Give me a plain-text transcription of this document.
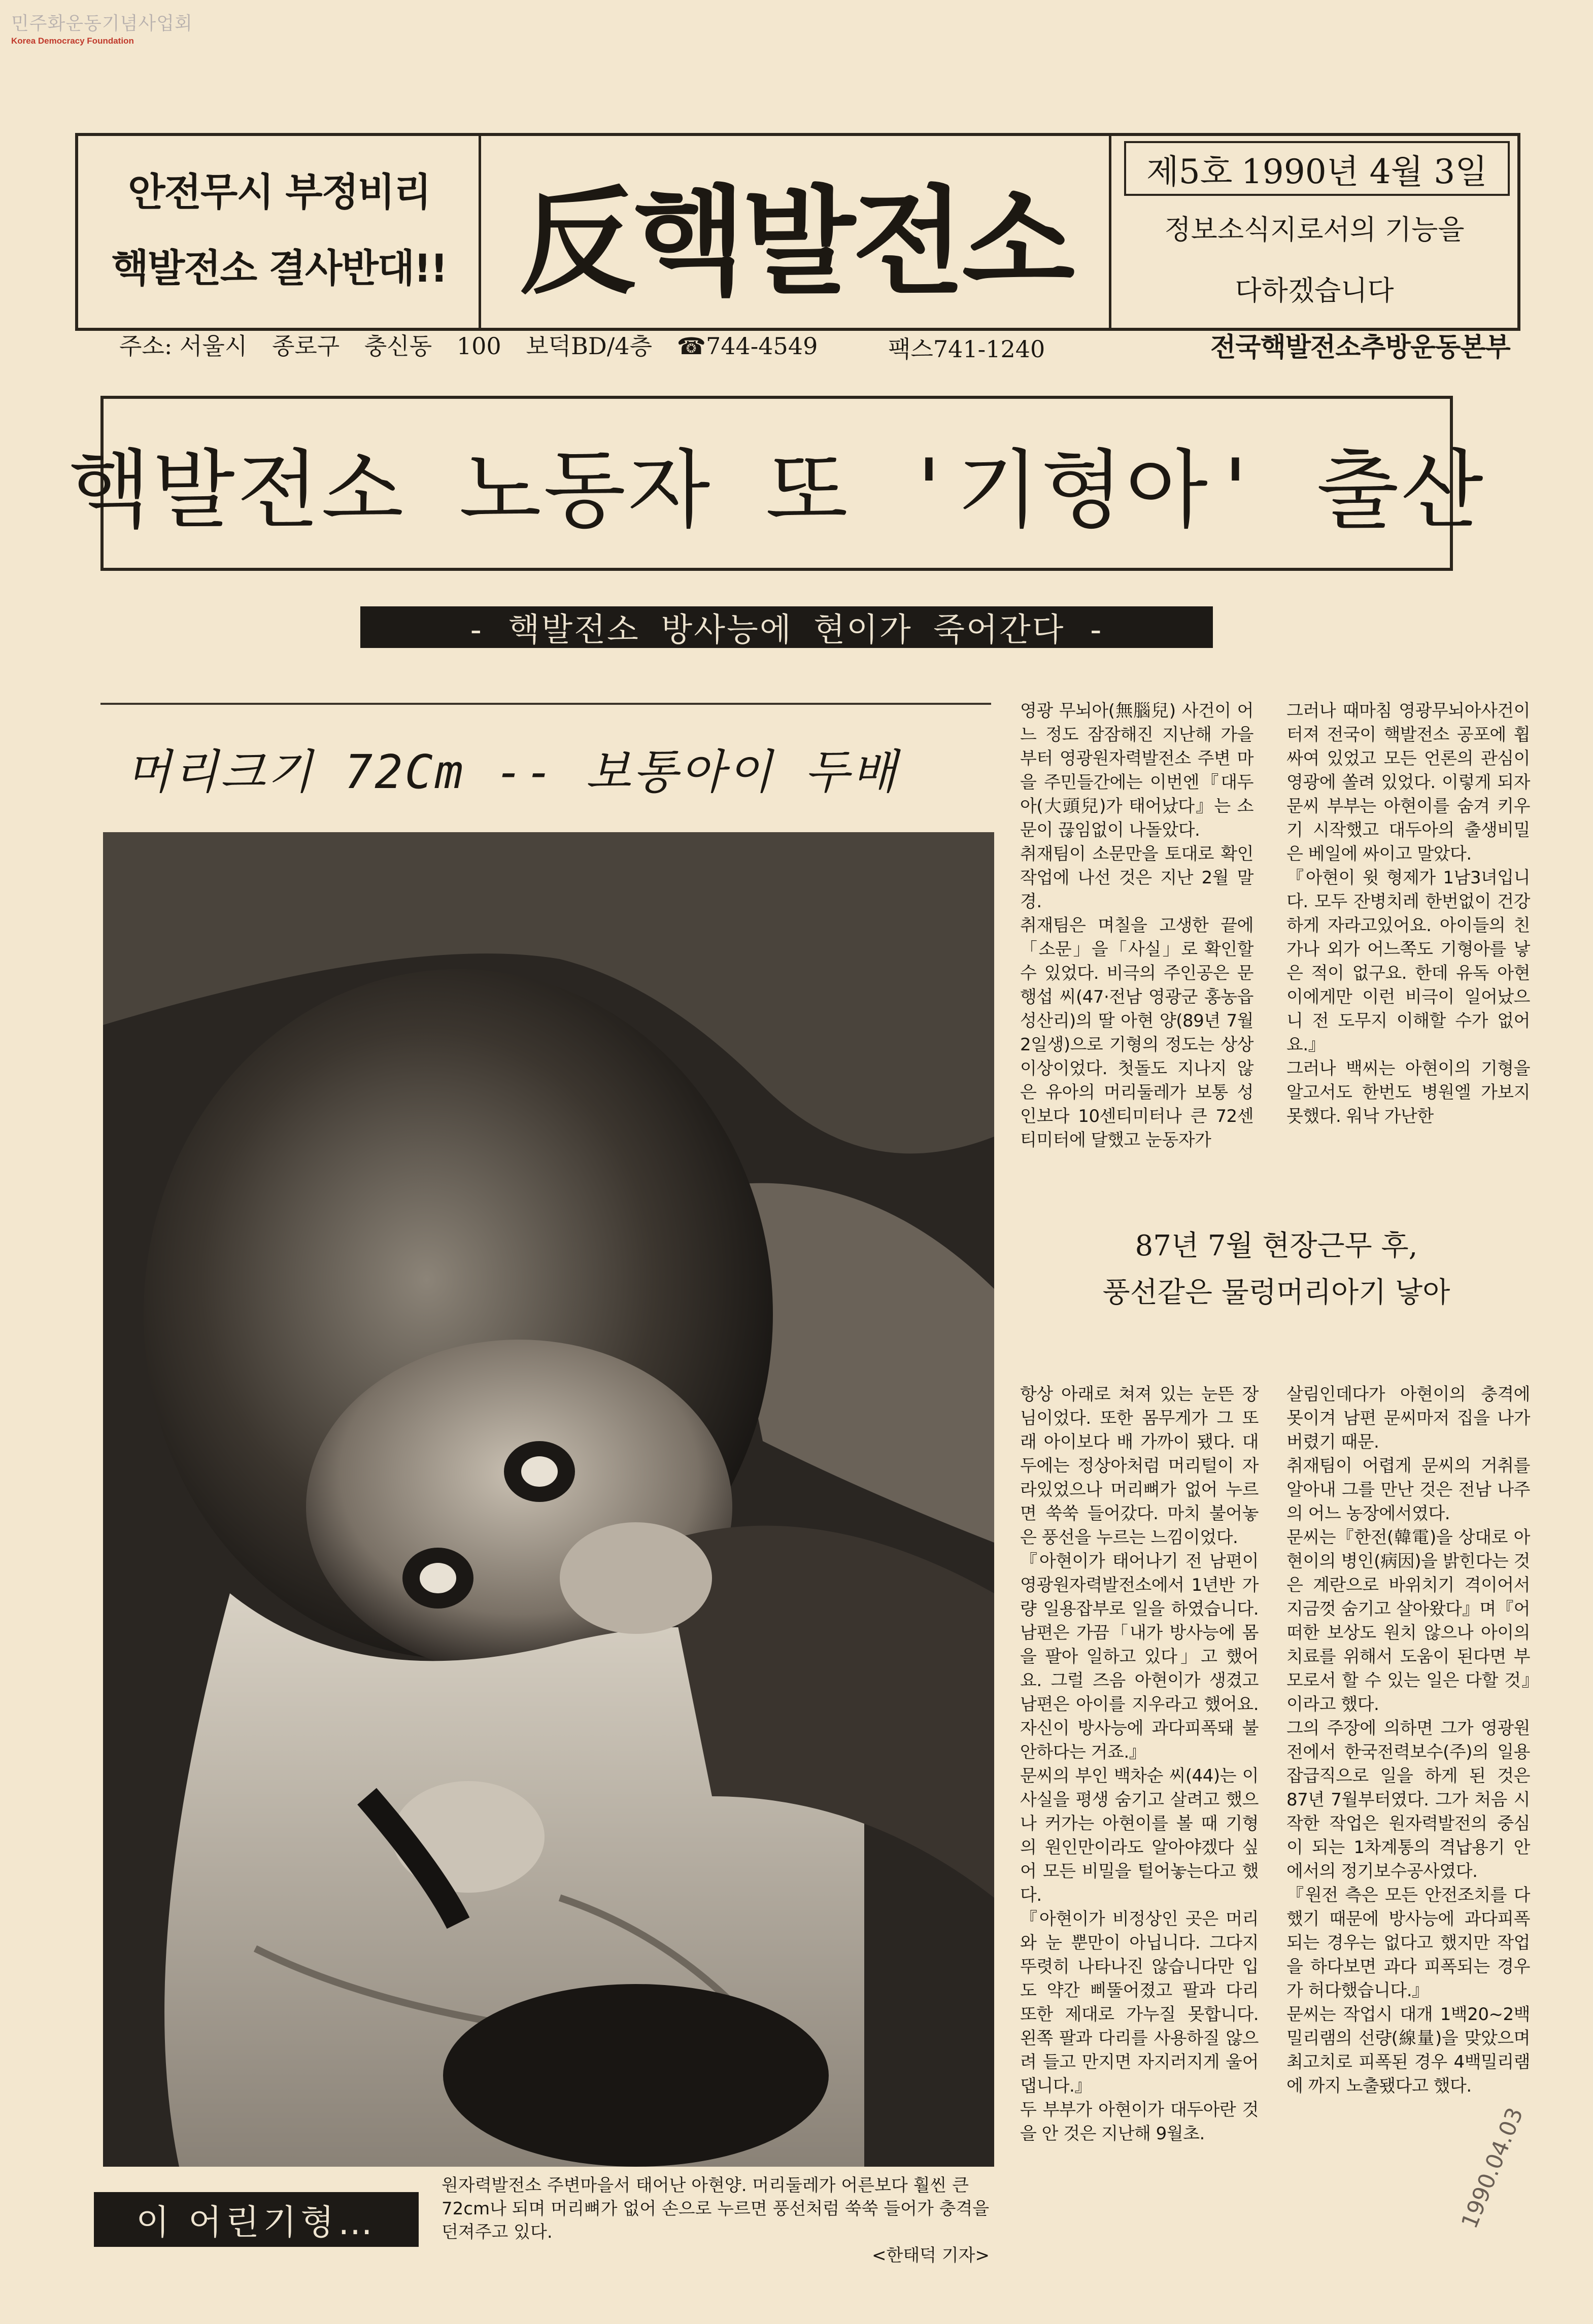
민주화운동기념사업회
Korea Democracy Foundation
안전무시 부정비리
핵발전소 결사반대!! 反핵발전소
제5호 1990년 4월 3일
정보소식지로서의 기능을
다하겠습니다
주소: 서울시 종로구 충신동 100 보덕BD/4층 ☎744-4549	팩스741-1240	전국핵발전소추방운동본부
핵발전소 노동자 또 '기형아' 출산
- 핵발전소 방사능에 현이가 죽어간다 -
머리크기 72Cm -- 보통아이 두배
이 어린기형…
원자력발전소 주변마을서 태어난 아현양. 머리둘레가 어른보다 훨씬 큰 72cm나 되며 머리뼈가 없어 손으로 누르면 풍선처럼 쑥쑥 들어가 충격을 던져주고 있다.
<한태덕 기자>

영광 무뇌아(無腦兒) 사건이 어느 정도 잠잠해진 지난해 가을부터 영광원자력발전소 주변 마을 주민들간에는 이번엔『대두아(大頭兒)가 태어났다』는 소문이 끊임없이 나돌았다.

취재팀이 소문만을 토대로 확인작업에 나선 것은 지난 2월 말경.

취재팀은 며칠을 고생한 끝에「소문」을「사실」로 확인할 수 있었다. 비극의 주인공은 문행섭 씨(47·전남 영광군 홍농읍 성산리)의 딸 아현 양(89년 7월 2일생)으로 기형의 정도는 상상 이상이었다. 첫돌도 지나지 않은 유아의 머리둘레가 보통 성인보다 10센티미터나 큰 72센티미터에 달했고 눈동자가

그러나 때마침 영광무뇌아사건이 터져 전국이 핵발전소 공포에 휩싸여 있었고 모든 언론의 관심이 영광에 쏠려 있었다. 이렇게 되자 문씨 부부는 아현이를 숨겨 키우기 시작했고 대두아의 출생비밀은 베일에 싸이고 말았다.

『아현이 윗 형제가 1남3녀입니다. 모두 잔병치레 한번없이 건강하게 자라고있어요. 아이들의 친가나 외가 어느쪽도 기형아를 낳은 적이 없구요. 한데 유독 아현이에게만 이런 비극이 일어났으니 전 도무지 이해할 수가 없어요.』

그러나 백씨는 아현이의 기형을 알고서도 한번도 병원엘 가보지 못했다. 워낙 가난한

87년 7월 현장근무 후,
풍선같은 물렁머리아기 낳아

항상 아래로 쳐져 있는 눈뜬 장님이었다. 또한 몸무게가 그 또래 아이보다 배 가까이 됐다. 대두에는 정상아처럼 머리털이 자라있었으나 머리뼈가 없어 누르면 쑥쑥 들어갔다. 마치 불어놓은 풍선을 누르는 느낌이었다.

『아현이가 태어나기 전 남편이 영광원자력발전소에서 1년반 가량 일용잡부로 일을 하였습니다. 남편은 가끔「내가 방사능에 몸을 팔아 일하고 있다」고 했어요. 그럴 즈음 아현이가 생겼고 남편은 아이를 지우라고 했어요. 자신이 방사능에 과다피폭돼 불안하다는 거죠.』

문씨의 부인 백차순 씨(44)는 이 사실을 평생 숨기고 살려고 했으나 커가는 아현이를 볼 때 기형의 원인만이라도 알아야겠다 싶어 모든 비밀을 털어놓는다고 했다.

『아현이가 비정상인 곳은 머리와 눈 뿐만이 아닙니다. 그다지 뚜렷히 나타나진 않습니다만 입도 약간 삐뚤어졌고 팔과 다리 또한 제대로 가누질 못합니다. 왼쪽 팔과 다리를 사용하질 않으려 들고 만지면 자지러지게 울어댑니다.』

두 부부가 아현이가 대두아란 것을 안 것은 지난해 9월초.

살림인데다가 아현이의 충격에 못이겨 남편 문씨마저 집을 나가버렸기 때문.

취재팀이 어렵게 문씨의 거취를 알아내 그를 만난 것은 전남 나주의 어느 농장에서였다.

문씨는『한전(韓電)을 상대로 아현이의 병인(病因)을 밝힌다는 것은 계란으로 바위치기 격이어서 지금껏 숨기고 살아왔다』며『어떠한 보상도 원치 않으나 아이의 치료를 위해서 도움이 된다면 부모로서 할 수 있는 일은 다할 것』이라고 했다.

그의 주장에 의하면 그가 영광원전에서 한국전력보수(주)의 일용잡급직으로 일을 하게 된 것은 87년 7월부터였다. 그가 처음 시작한 작업은 원자력발전의 중심이 되는 1차계통의 격납용기 안에서의 정기보수공사였다.

『원전 측은 모든 안전조치를 다했기 때문에 방사능에 과다피폭되는 경우는 없다고 했지만 작업을 하다보면 과다 피폭되는 경우가 허다했습니다.』

문씨는 작업시 대개 1백20~2백밀리램의 선량(線量)을 맞았으며 최고치로 피폭된 경우 4백밀리램에 까지 노출됐다고 했다.

1990.04.03
